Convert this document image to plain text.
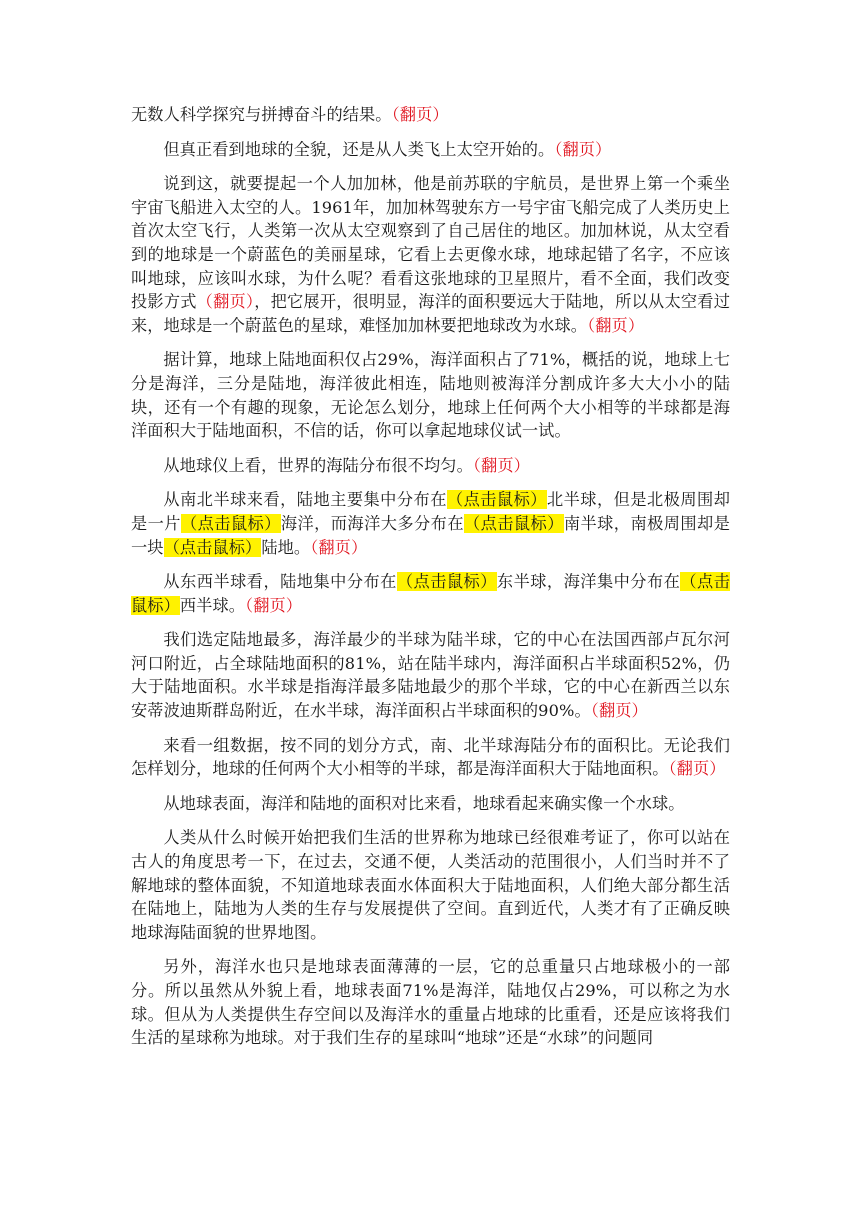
无数人科学探究与拼搏奋斗的结果。（翻页）

但真正看到地球的全貌，还是从人类飞上太空开始的。（翻页）

说到这，就要提起一个人加加林，他是前苏联的宇航员，是世界上第一个乘坐宇宙飞船进入太空的人。1961年，加加林驾驶东方一号宇宙飞船完成了人类历史上首次太空飞行，人类第一次从太空观察到了自己居住的地区。加加林说，从太空看到的地球是一个蔚蓝色的美丽星球，它看上去更像水球，地球起错了名字，不应该叫地球，应该叫水球，为什么呢？看看这张地球的卫星照片，看不全面，我们改变投影方式（翻页），把它展开，很明显，海洋的面积要远大于陆地，所以从太空看过来，地球是一个蔚蓝色的星球，难怪加加林要把地球改为水球。（翻页）

据计算，地球上陆地面积仅占29%，海洋面积占了71%，概括的说，地球上七分是海洋，三分是陆地，海洋彼此相连，陆地则被海洋分割成许多大大小小的陆块，还有一个有趣的现象，无论怎么划分，地球上任何两个大小相等的半球都是海洋面积大于陆地面积，不信的话，你可以拿起地球仪试一试。

从地球仪上看，世界的海陆分布很不均匀。（翻页）

从南北半球来看，陆地主要集中分布在（点击鼠标）北半球，但是北极周围却是一片（点击鼠标）海洋，而海洋大多分布在（点击鼠标）南半球，南极周围却是一块（点击鼠标）陆地。（翻页）

从东西半球看，陆地集中分布在（点击鼠标）东半球，海洋集中分布在（点击鼠标）西半球。（翻页）

我们选定陆地最多，海洋最少的半球为陆半球，它的中心在法国西部卢瓦尔河河口附近，占全球陆地面积的81%，站在陆半球内，海洋面积占半球面积52%，仍大于陆地面积。水半球是指海洋最多陆地最少的那个半球，它的中心在新西兰以东安蒂波迪斯群岛附近，在水半球，海洋面积占半球面积的90%。（翻页）

来看一组数据，按不同的划分方式，南、北半球海陆分布的面积比。无论我们怎样划分，地球的任何两个大小相等的半球，都是海洋面积大于陆地面积。（翻页）

从地球表面，海洋和陆地的面积对比来看，地球看起来确实像一个水球。

人类从什么时候开始把我们生活的世界称为地球已经很难考证了，你可以站在古人的角度思考一下，在过去，交通不便，人类活动的范围很小，人们当时并不了解地球的整体面貌，不知道地球表面水体面积大于陆地面积，人们绝大部分都生活在陆地上，陆地为人类的生存与发展提供了空间。直到近代，人类才有了正确反映地球海陆面貌的世界地图。

另外，海洋水也只是地球表面薄薄的一层，它的总重量只占地球极小的一部分。所以虽然从外貌上看，地球表面71%是海洋，陆地仅占29%，可以称之为水球。但从为人类提供生存空间以及海洋水的重量占地球的比重看，还是应该将我们生活的星球称为地球。对于我们生存的星球叫“地球”还是“水球”的问题同
